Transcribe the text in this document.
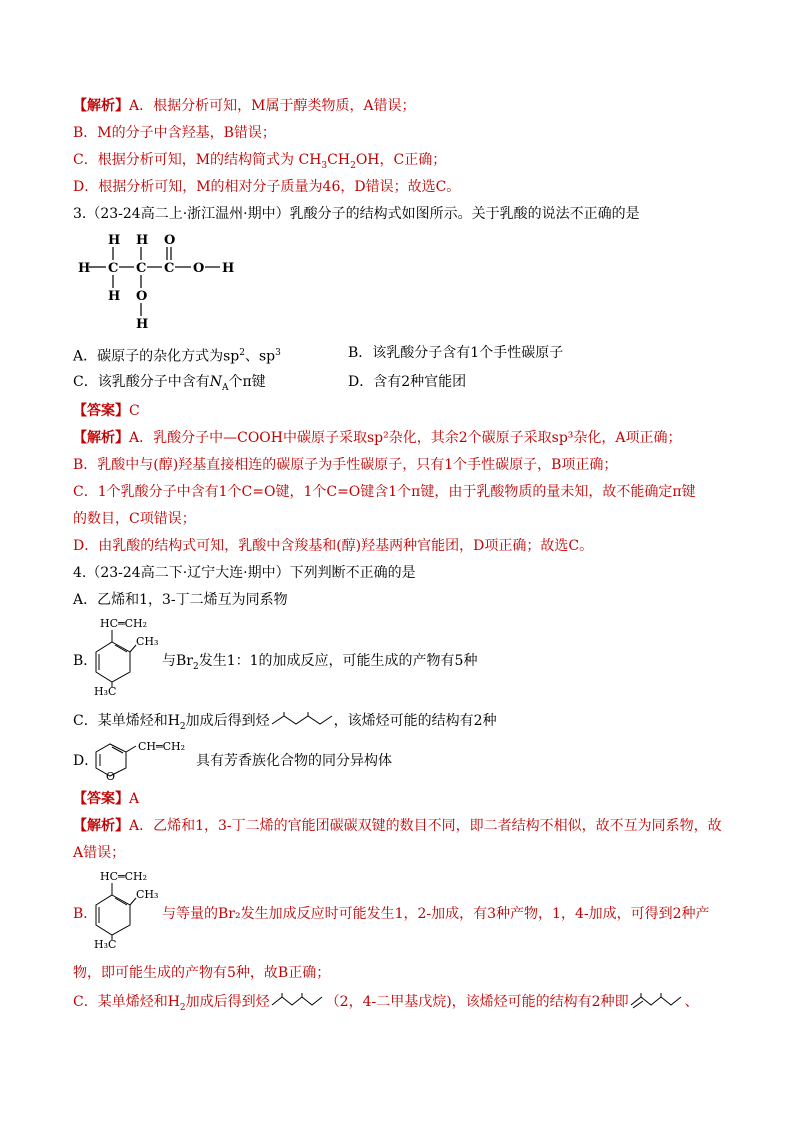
【解析】A．根据分析可知，M属于醇类物质，A错误；
B．M的分子中含羟基，B错误；
C．根据分析可知，M的结构简式为 $CH_3CH_2OH$，C正确；
D．根据分析可知，M的相对分子质量为46，D错误；故选C。
3.（23-24高二上·浙江温州·期中）乳酸分子的结构式如图所示。关于乳酸的说法不正确的是
H H O
H C C C O H
H O
H
A．碳原子的杂化方式为$sp^2$、$sp^3$	B．该乳酸分子含有1个手性碳原子
C．该乳酸分子中含有$N_A$个π键	D．含有2种官能团
【答案】C
【解析】A．乳酸分子中—COOH中碳原子采取sp²杂化，其余2个碳原子采取sp³杂化，A项正确；
B．乳酸中与(醇)羟基直接相连的碳原子为手性碳原子，只有1个手性碳原子，B项正确；
C．1个乳酸分子中含有1个C=O键，1个C=O键含1个π键，由于乳酸物质的量未知，故不能确定π键
的数目，C项错误；
D．由乳酸的结构式可知，乳酸中含羧基和(醇)羟基两种官能团，D项正确；故选C。
4.（23-24高二下·辽宁大连·期中）下列判断不正确的是
A．乙烯和1，3-丁二烯互为同系物
B．
HC═CH₂
CH₃
H₃C
与$Br_2$发生1：1的加成反应，可能生成的产物有5种
C．某单烯烃和$H_2$加成后得到烃	，该烯烃可能的结构有2种
D．
O
CH═CH₂
具有芳香族化合物的同分异构体
【答案】A
【解析】A．乙烯和1，3-丁二烯的官能团碳碳双键的数目不同，即二者结构不相似，故不互为同系物，故
A错误；
B．
HC═CH₂
CH₃
H₃C
与等量的Br₂发生加成反应时可能发生1，2-加成，有3种产物，1，4-加成，可得到2种产
物，即可能生成的产物有5种，故B正确；
C．某单烯烃和$H_2$加成后得到烃	（2，4-二甲基戊烷)，该烯烃可能的结构有2种即	、
